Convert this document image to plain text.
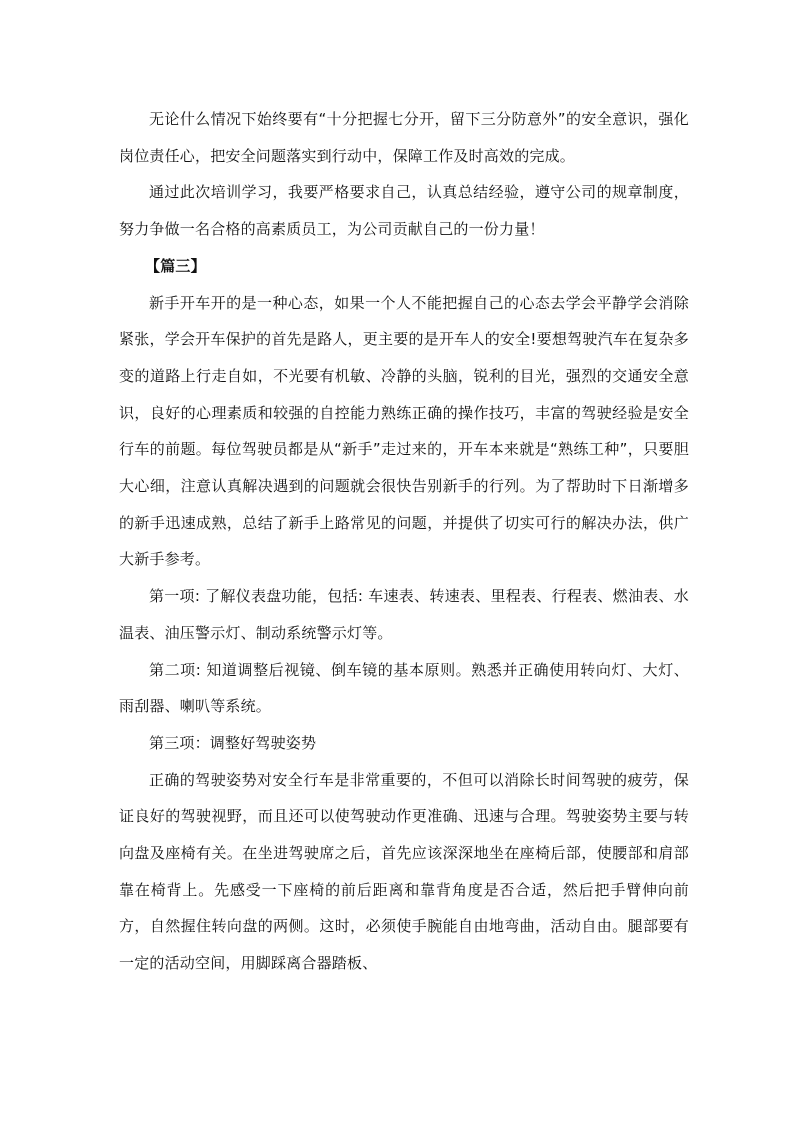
无论什么情况下始终要有“十分把握七分开，留下三分防意外”的安全意识，强化岗位责任心，把安全问题落实到行动中，保障工作及时高效的完成。

通过此次培训学习，我要严格要求自己，认真总结经验，遵守公司的规章制度，努力争做一名合格的高素质员工，为公司贡献自己的一份力量！

【篇三】

新手开车开的是一种心态，如果一个人不能把握自己的心态去学会平静学会消除紧张，学会开车保护的首先是路人，更主要的是开车人的安全!要想驾驶汽车在复杂多变的道路上行走自如，不光要有机敏、冷静的头脑，锐利的目光，强烈的交通安全意识，良好的心理素质和较强的自控能力熟练正确的操作技巧，丰富的驾驶经验是安全行车的前题。每位驾驶员都是从“新手”走过来的，开车本来就是“熟练工种”，只要胆大心细，注意认真解决遇到的问题就会很快告别新手的行列。为了帮助时下日渐增多的新手迅速成熟，总结了新手上路常见的问题，并提供了切实可行的解决办法，供广大新手参考。

第一项: 了解仪表盘功能，包括: 车速表、转速表、里程表、行程表、燃油表、水温表、油压警示灯、制动系统警示灯等。

第二项: 知道调整后视镜、倒车镜的基本原则。熟悉并正确使用转向灯、大灯、雨刮器、喇叭等系统。

第三项：调整好驾驶姿势

正确的驾驶姿势对安全行车是非常重要的，不但可以消除长时间驾驶的疲劳，保证良好的驾驶视野，而且还可以使驾驶动作更准确、迅速与合理。驾驶姿势主要与转向盘及座椅有关。在坐进驾驶席之后，首先应该深深地坐在座椅后部，使腰部和肩部靠在椅背上。先感受一下座椅的前后距离和靠背角度是否合适，然后把手臂伸向前方，自然握住转向盘的两侧。这时，必须使手腕能自由地弯曲，活动自由。腿部要有一定的活动空间，用脚踩离合器踏板、
